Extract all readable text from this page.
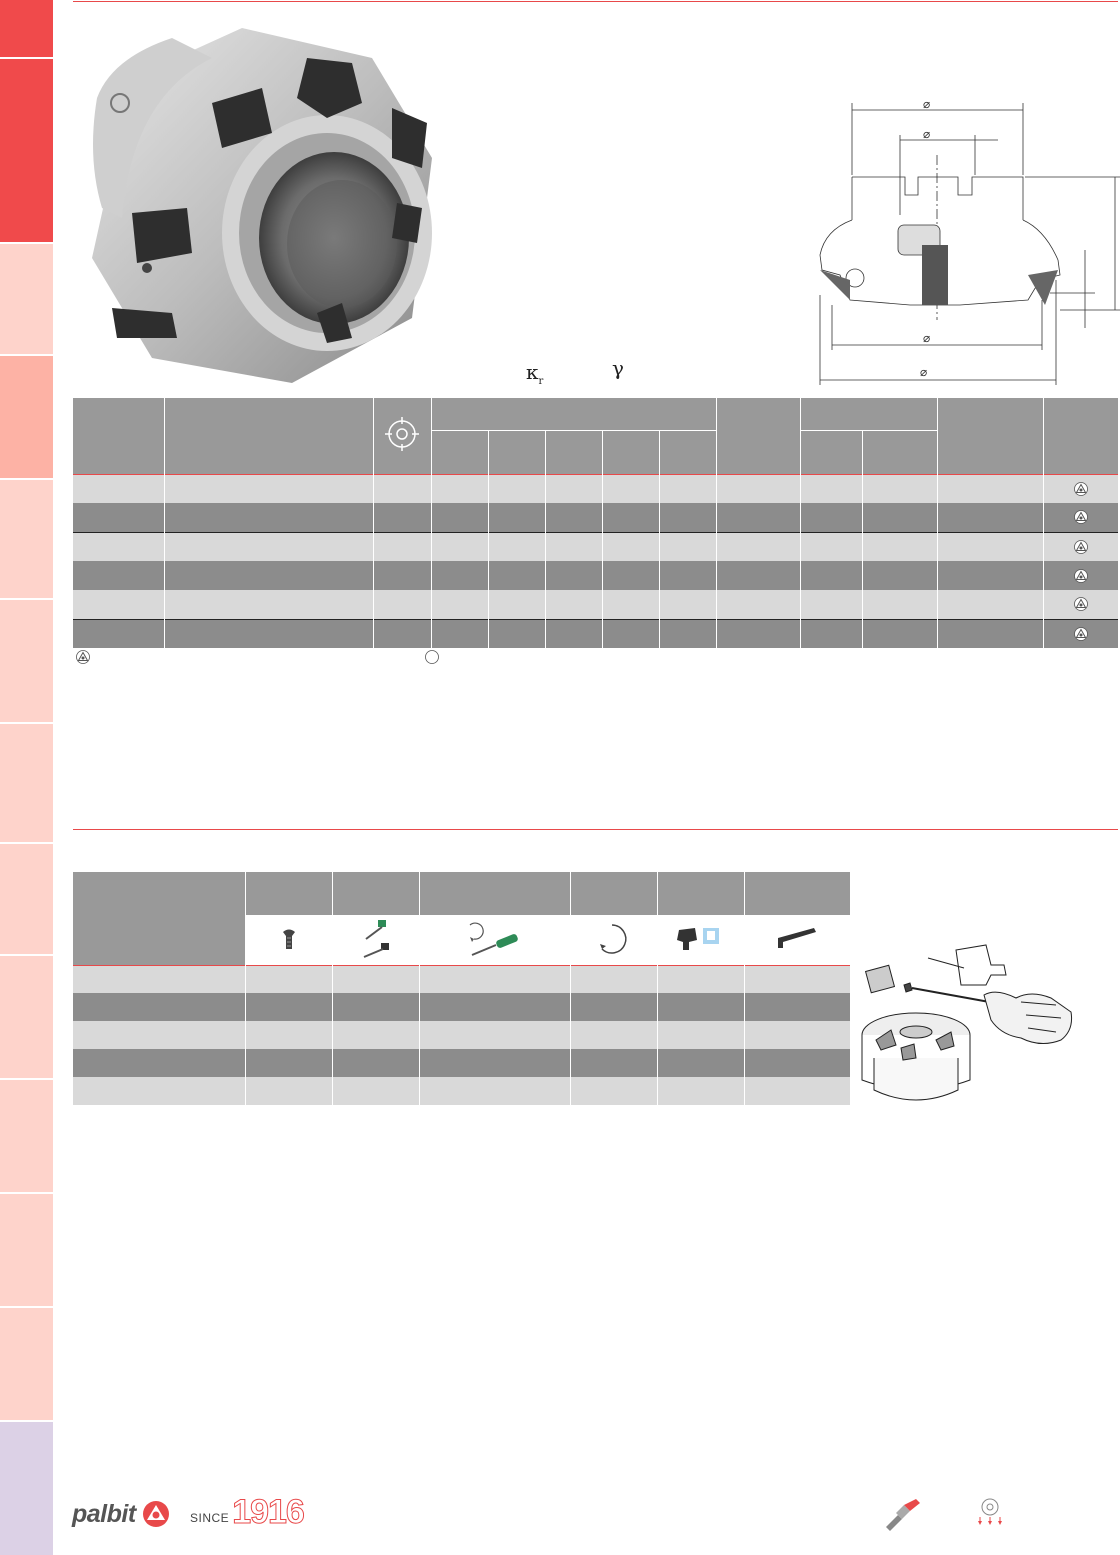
⌀
⌀
⌀
⌀
$\kappa_r$
γ

palbit	SINCE 1916
